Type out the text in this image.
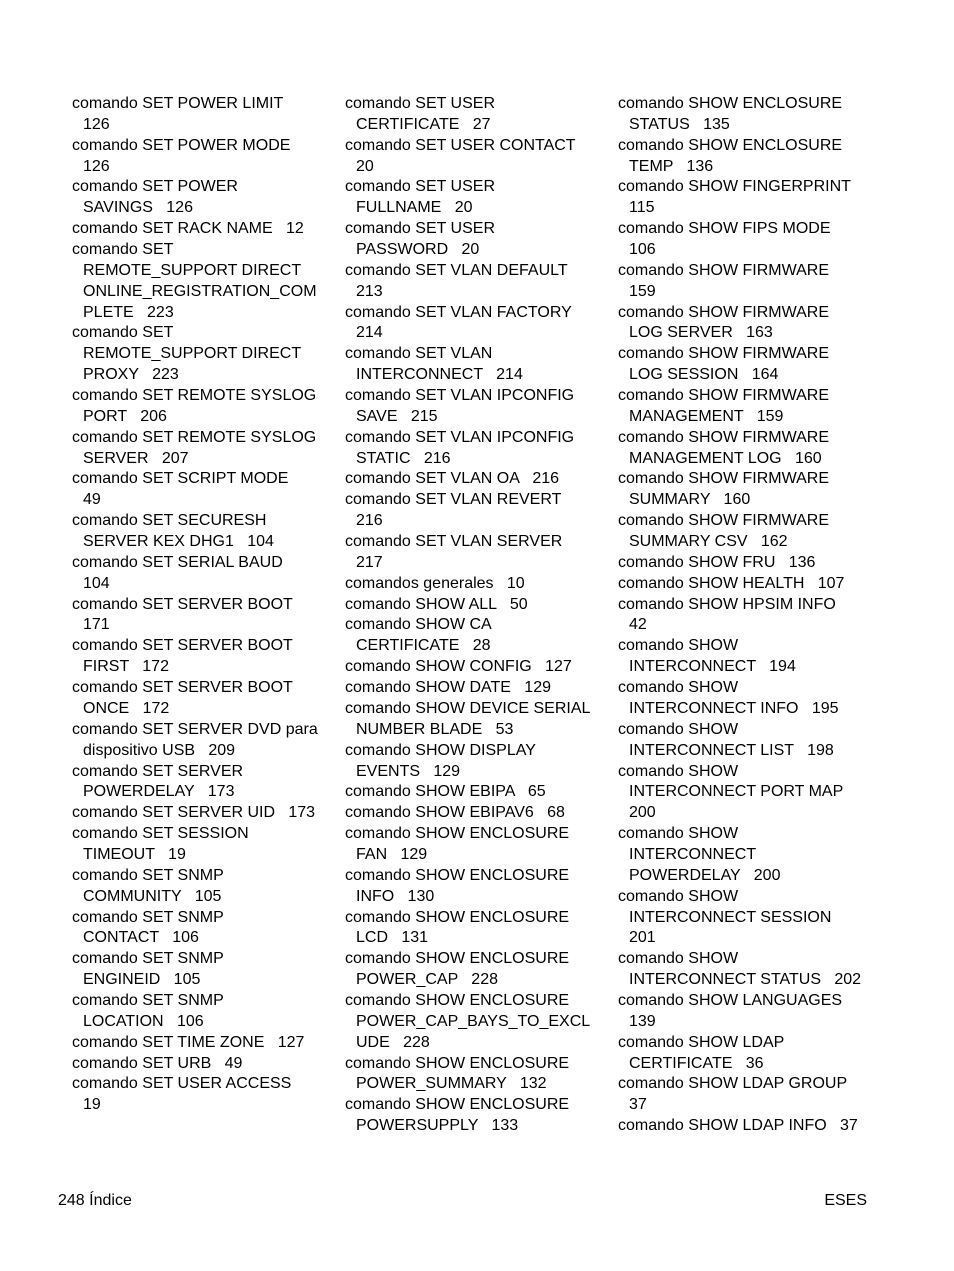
comando SET POWER LIMIT
126
comando SET POWER MODE
126
comando SET POWER
SAVINGS   126
comando SET RACK NAME   12
comando SET
REMOTE_SUPPORT DIRECT
ONLINE_REGISTRATION_COM
PLETE   223
comando SET
REMOTE_SUPPORT DIRECT
PROXY   223
comando SET REMOTE SYSLOG
PORT   206
comando SET REMOTE SYSLOG
SERVER   207
comando SET SCRIPT MODE
49
comando SET SECURESH
SERVER KEX DHG1   104
comando SET SERIAL BAUD
104
comando SET SERVER BOOT
171
comando SET SERVER BOOT
FIRST   172
comando SET SERVER BOOT
ONCE   172
comando SET SERVER DVD para
dispositivo USB   209
comando SET SERVER
POWERDELAY   173
comando SET SERVER UID   173
comando SET SESSION
TIMEOUT   19
comando SET SNMP
COMMUNITY   105
comando SET SNMP
CONTACT   106
comando SET SNMP
ENGINEID   105
comando SET SNMP
LOCATION   106
comando SET TIME ZONE   127
comando SET URB   49
comando SET USER ACCESS
19
comando SET USER
CERTIFICATE   27
comando SET USER CONTACT
20
comando SET USER
FULLNAME   20
comando SET USER
PASSWORD   20
comando SET VLAN DEFAULT
213
comando SET VLAN FACTORY
214
comando SET VLAN
INTERCONNECT   214
comando SET VLAN IPCONFIG
SAVE   215
comando SET VLAN IPCONFIG
STATIC   216
comando SET VLAN OA   216
comando SET VLAN REVERT
216
comando SET VLAN SERVER
217
comandos generales   10
comando SHOW ALL   50
comando SHOW CA
CERTIFICATE   28
comando SHOW CONFIG   127
comando SHOW DATE   129
comando SHOW DEVICE SERIAL
NUMBER BLADE   53
comando SHOW DISPLAY
EVENTS   129
comando SHOW EBIPA   65
comando SHOW EBIPAV6   68
comando SHOW ENCLOSURE
FAN   129
comando SHOW ENCLOSURE
INFO   130
comando SHOW ENCLOSURE
LCD   131
comando SHOW ENCLOSURE
POWER_CAP   228
comando SHOW ENCLOSURE
POWER_CAP_BAYS_TO_EXCL
UDE   228
comando SHOW ENCLOSURE
POWER_SUMMARY   132
comando SHOW ENCLOSURE
POWERSUPPLY   133
comando SHOW ENCLOSURE
STATUS   135
comando SHOW ENCLOSURE
TEMP   136
comando SHOW FINGERPRINT
115
comando SHOW FIPS MODE
106
comando SHOW FIRMWARE
159
comando SHOW FIRMWARE
LOG SERVER   163
comando SHOW FIRMWARE
LOG SESSION   164
comando SHOW FIRMWARE
MANAGEMENT   159
comando SHOW FIRMWARE
MANAGEMENT LOG   160
comando SHOW FIRMWARE
SUMMARY   160
comando SHOW FIRMWARE
SUMMARY CSV   162
comando SHOW FRU   136
comando SHOW HEALTH   107
comando SHOW HPSIM INFO
42
comando SHOW
INTERCONNECT   194
comando SHOW
INTERCONNECT INFO   195
comando SHOW
INTERCONNECT LIST   198
comando SHOW
INTERCONNECT PORT MAP
200
comando SHOW
INTERCONNECT
POWERDELAY   200
comando SHOW
INTERCONNECT SESSION
201
comando SHOW
INTERCONNECT STATUS   202
comando SHOW LANGUAGES
139
comando SHOW LDAP
CERTIFICATE   36
comando SHOW LDAP GROUP
37
comando SHOW LDAP INFO   37
248 Índice	ESES
